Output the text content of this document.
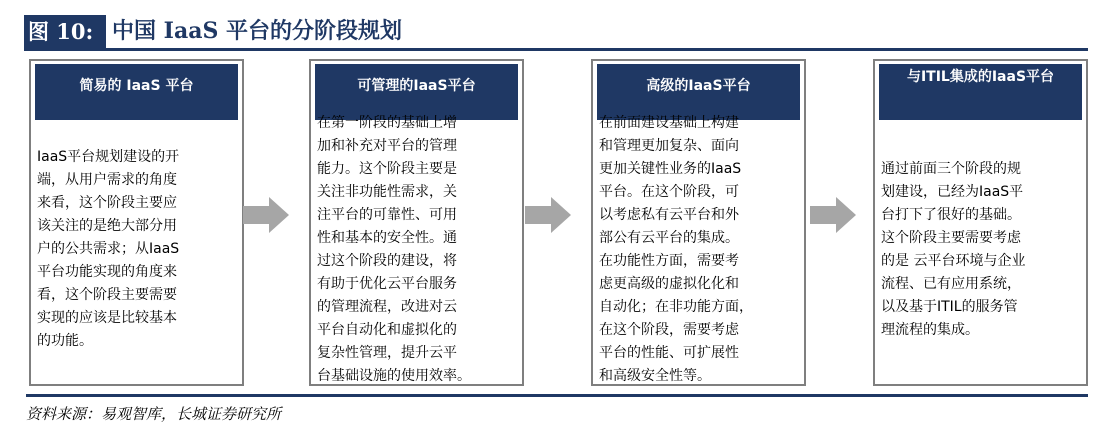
图 10: 中国 IaaS 平台的分阶段规划
简易的 IaaS 平台
IaaS平台规划建设的开
端，从用户需求的角度
来看，这个阶段主要应
该关注的是绝大部分用
户的公共需求；从IaaS
平台功能实现的角度来
看，这个阶段主要需要
实现的应该是比较基本
的功能。
可管理的IaaS平台
在第一阶段的基础上增
加和补充对平台的管理
能力。这个阶段主要是
关注非功能性需求，关
注平台的可靠性、可用
性和基本的安全性。通
过这个阶段的建设，将
有助于优化云平台服务
的管理流程，改进对云
平台自动化和虚拟化的
复杂性管理，提升云平
台基础设施的使用效率。
高级的IaaS平台
在前面建设基础上构建
和管理更加复杂、面向
更加关键性业务的IaaS
平台。在这个阶段，可
以考虑私有云平台和外
部公有云平台的集成。
在功能性方面，需要考
虑更高级的虚拟化化和
自动化；在非功能方面，
在这个阶段，需要考虑
平台的性能、可扩展性
和高级安全性等。
与ITIL集成的IaaS平台
通过前面三个阶段的规
划建设，已经为IaaS平
台打下了很好的基础。
这个阶段主要需要考虑
的是 云平台环境与企业
流程、已有应用系统，
以及基于ITIL的服务管
理流程的集成。
资料来源：易观智库，长城证券研究所
